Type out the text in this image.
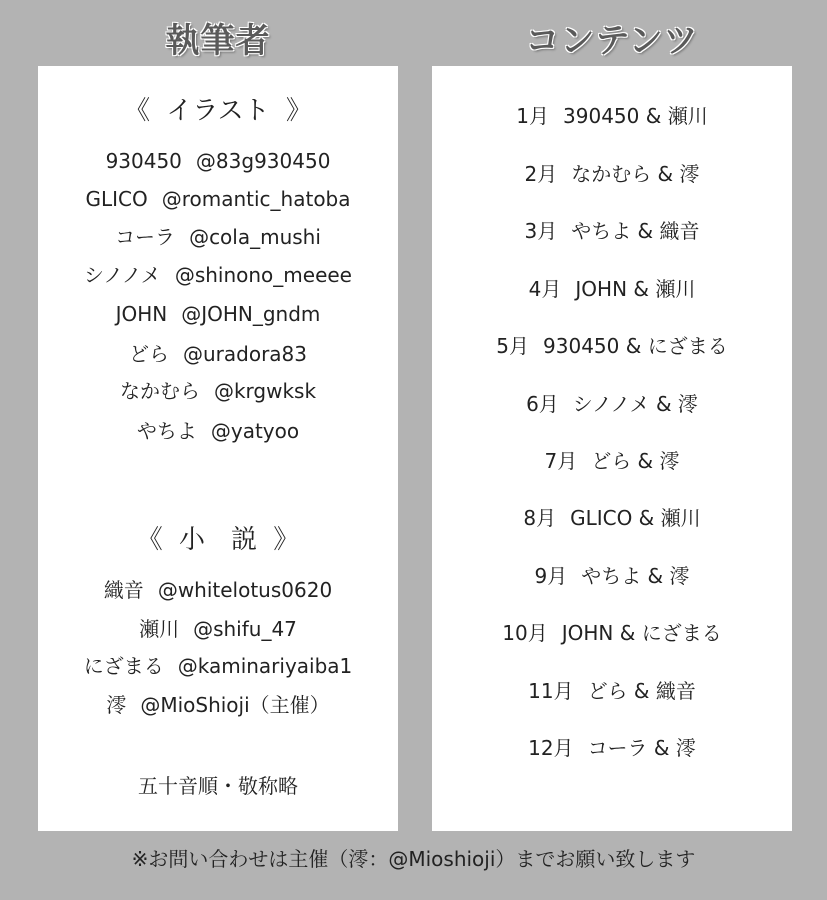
執筆者	コンテンツ
《 イラスト 》
930450 @83g930450
GLICO @romantic_hatoba
コーラ @cola_mushi
シノノメ @shinono_meeee
JOHN @JOHN_gndm
どら @uradora83
なかむら @krgwksk
やちよ @yatyoo
《 小　説 》
織音 @whitelotus0620
瀬川 @shifu_47
にざまる @kaminariyaiba1
澪 @MioShioji（主催）
五十音順・敬称略
1月 390450 & 瀬川
2月 なかむら & 澪
3月 やちよ & 織音
4月 JOHN & 瀬川
5月 930450 & にざまる
6月 シノノメ & 澪
7月 どら & 澪
8月 GLICO & 瀬川
9月 やちよ & 澪
10月 JOHN & にざまる
11月 どら & 織音
12月 コーラ & 澪
※お問い合わせは主催（澪：@Mioshioji）までお願い致します
